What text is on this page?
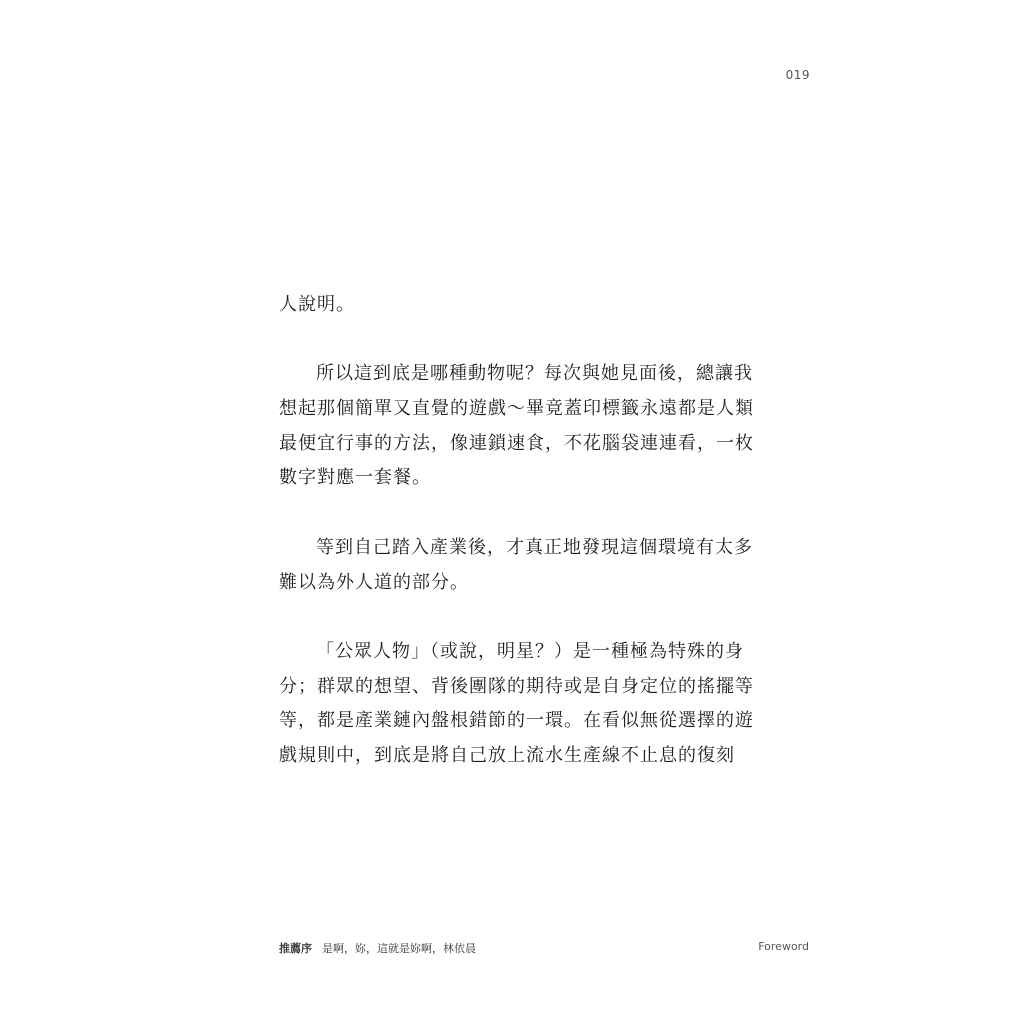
019
人說明。
所以這到底是哪種動物呢？每次與她見面後，總讓我
想起那個簡單又直覺的遊戲～畢竟蓋印標籤永遠都是人類
最便宜行事的方法，像連鎖速食，不花腦袋連連看，一枚
數字對應一套餐。
等到自己踏入產業後，才真正地發現這個環境有太多
難以為外人道的部分。
「公眾人物」（或說，明星？）是一種極為特殊的身
分；群眾的想望、背後團隊的期待或是自身定位的搖擺等
等，都是產業鏈內盤根錯節的一環。在看似無從選擇的遊
戲規則中，到底是將自己放上流水生產線不止息的復刻
推薦序 是啊，妳，這就是妳啊，林依晨	Foreword
